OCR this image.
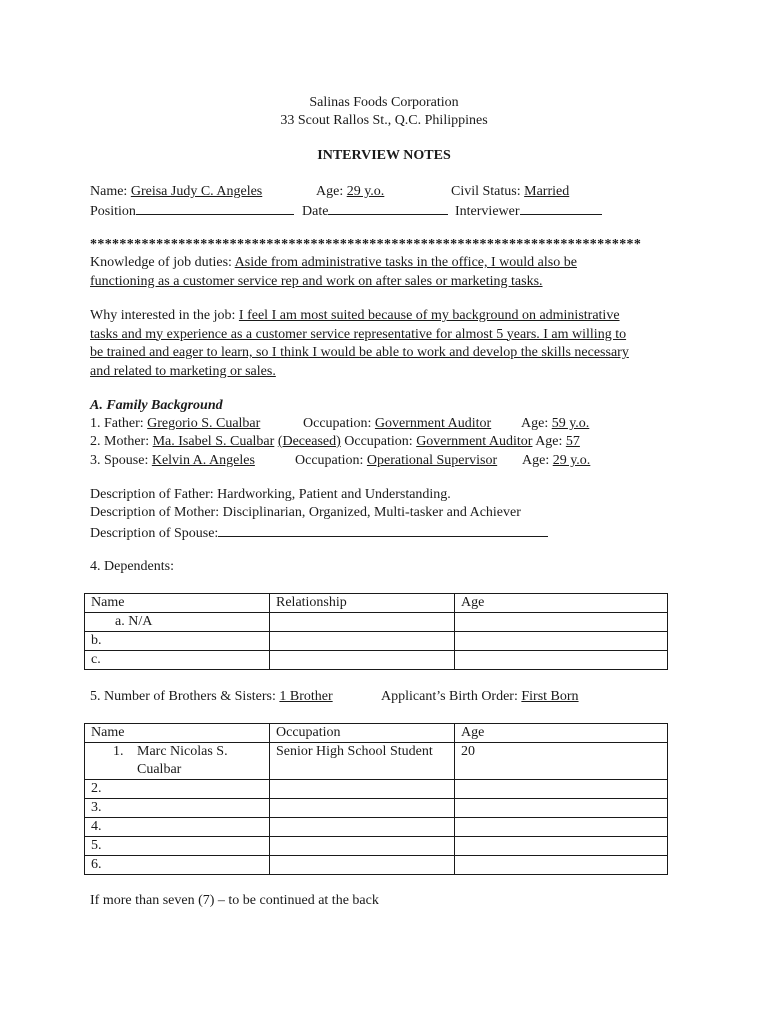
Salinas Foods Corporation
33 Scout Rallos St., Q.C. Philippines
INTERVIEW NOTES
Name: Greisa Judy C. Angeles	Age: 29 y.o.	Civil Status: Married
Position	Date	Interviewer
***************************************************************************
Knowledge of job duties: Aside from administrative tasks in the office, I would also be
functioning as a customer service rep and work on after sales or marketing tasks.
Why interested in the job: I feel I am most suited because of my background on administrative
tasks and my experience as a customer service representative for almost 5 years. I am willing to
be trained and eager to learn, so I think I would be able to work and develop the skills necessary
and related to marketing or sales.
A. Family Background
1. Father: Gregorio S. Cualbar	Occupation: Government Auditor Age: 59 y.o.
2. Mother: Ma. Isabel S. Cualbar (Deceased) Occupation: Government Auditor Age: 57
3. Spouse: Kelvin A. Angeles	Occupation: Operational Supervisor Age: 29 y.o.
Description of Father: Hardworking, Patient and Understanding.
Description of Mother: Disciplinarian, Organized, Multi-tasker and Achiever
Description of Spouse:
4. Dependents:
Name	Relationship	Age
a. N/A		
b.		
c.		
5. Number of Brothers & Sisters: 1 Brother	Applicant’s Birth Order: First Born
Name	Occupation	Age

1. Marc Nicolas S.
Cualbar	Senior High School Student	20
2.		
3.		
4.		
5.		
6.		
If more than seven (7) – to be continued at the back
